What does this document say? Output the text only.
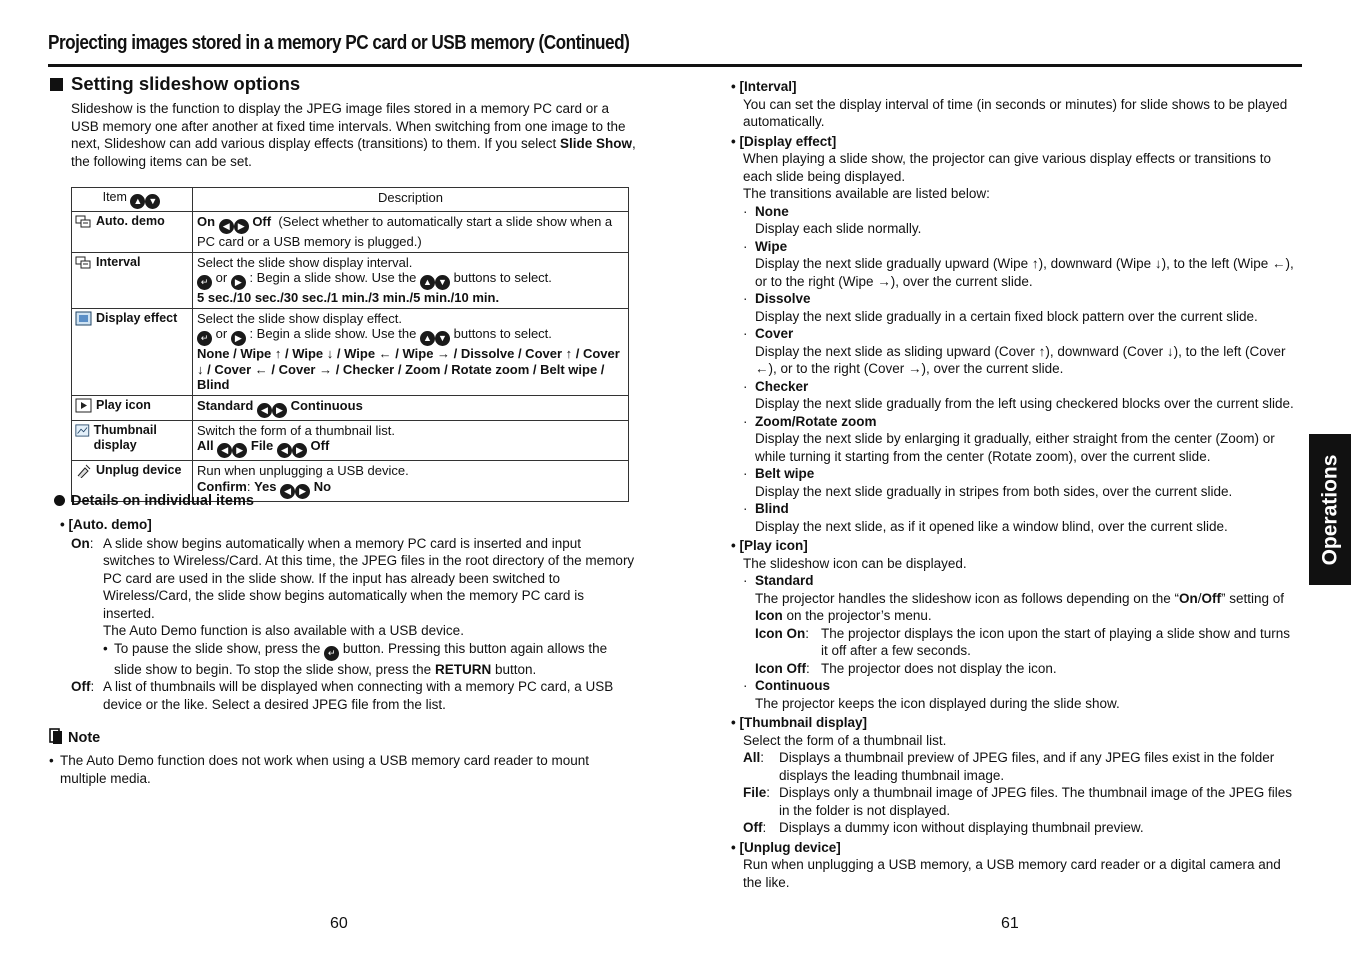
Projecting images stored in a memory PC card or USB memory (Continued)
Setting slideshow options
Slideshow is the function to display the JPEG image files stored in a memory PC card or a USB memory one after another at fixed time intervals. When switching from one image to the next, Slideshow can add various display effects (transitions) to them. If you select Slide Show, the following items can be set.
Item ▲ ▼	Description

Auto. demo	On ◀ ▶ Off (Select whether to automatically start a slide show when a PC card or a USB memory is plugged.)

Interval	Select the slide show display interval.
↵ or ▶ : Begin a slide show. Use the ▲ ▼ buttons to select.
5 sec./10 sec./30 sec./1 min./3 min./5 min./10 min.

Display effect	Select the slide show display effect.
↵ or ▶ : Begin a slide show. Use the ▲ ▼ buttons to select.
None / Wipe ↑ / Wipe ↓ / Wipe ← / Wipe → / Dissolve / Cover ↑ / Cover ↓ / Cover ← / Cover → / Checker / Zoom / Rotate zoom / Belt wipe / Blind

Play icon	Standard ◀ ▶ Continuous

Thumbnail display	Switch the form of a thumbnail list.
All ◀ ▶ File ◀ ▶ Off

Unplug device	Run when unplugging a USB device.
Confirm: Yes ◀ ▶ No
Details on individual items
• [Auto. demo]
On: A slide show begins automatically when a memory PC card is inserted and input switches to Wireless/Card. At this time, the JPEG files in the root directory of the memory PC card are used in the slide show. If the input has already been switched to Wireless/Card, the slide show begins automatically when the memory PC card is inserted.
The Auto Demo function is also available with a USB device.
• To pause the slide show, press the ↵ button. Pressing this button again allows the slide show to begin. To stop the slide show, press the RETURN button.
Off: A list of thumbnails will be displayed when connecting with a memory PC card, a USB device or the like. Select a desired JPEG file from the list.
Note
• The Auto Demo function does not work when using a USB memory card reader to mount multiple media.
60

• [Interval]

You can set the display interval of time (in seconds or minutes) for slide shows to be played automatically.

• [Display effect]

When playing a slide show, the projector can give various display effects or transitions to each slide being displayed.

The transitions available are listed below:

· None
Display each slide normally.
· Wipe
Display the next slide gradually upward (Wipe ↑), downward (Wipe ↓), to the left (Wipe ←), or to the right (Wipe →), over the current slide.
· Dissolve
Display the next slide gradually in a certain fixed block pattern over the current slide.
· Cover
Display the next slide as sliding upward (Cover ↑), downward (Cover ↓), to the left (Cover ←), or to the right (Cover →), over the current slide.
· Checker
Display the next slide gradually from the left using checkered blocks over the current slide.
· Zoom/Rotate zoom
Display the next slide by enlarging it gradually, either straight from the center (Zoom) or while turning it starting from the center (Rotate zoom), over the current slide.
· Belt wipe
Display the next slide gradually in stripes from both sides, over the current slide.
· Blind
Display the next slide, as if it opened like a window blind, over the current slide.

• [Play icon]

The slideshow icon can be displayed.

· Standard
The projector handles the slideshow icon as follows depending on the “On/Off” setting of Icon on the projector’s menu.
Icon On: The projector displays the icon upon the start of playing a slide show and turns it off after a few seconds.
Icon Off: The projector does not display the icon.
· Continuous
The projector keeps the icon displayed during the slide show.

• [Thumbnail display]

Select the form of a thumbnail list.

All:	Displays a thumbnail preview of JPEG files, and if any JPEG files exist in the folder displays the leading thumbnail image.
File: Displays only a thumbnail image of JPEG files. The thumbnail image of the JPEG files in the folder is not displayed.
Off: Displays a dummy icon without displaying thumbnail preview.

• [Unplug device]

Run when unplugging a USB memory, a USB memory card reader or a digital camera and the like.

61
Operations
